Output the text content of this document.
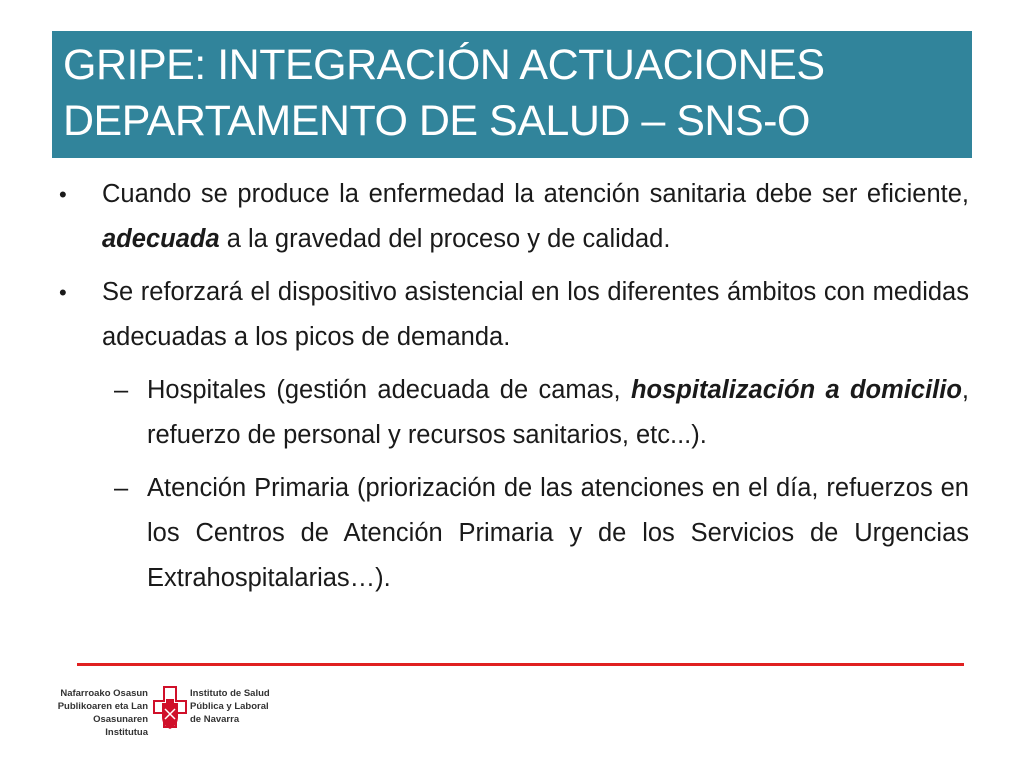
GRIPE: INTEGRACIÓN ACTUACIONES
DEPARTAMENTO DE SALUD – SNS-O
• Cuando se produce la enfermedad la atención sanitaria debe ser eficiente, adecuada a la gravedad del proceso y de calidad.
• Se reforzará el dispositivo asistencial en los diferentes ámbitos con medidas adecuadas a los picos de demanda.
– Hospitales (gestión adecuada de camas, hospitalización a domicilio, refuerzo de personal y recursos sanitarios, etc...).
– Atención Primaria (priorización de las atenciones en el día, refuerzos en los Centros de Atención Primaria y de los Servicios de Urgencias Extrahospitalarias…).
Nafarroako Osasun
Publikoaren eta Lan
Osasunaren Institutua
Instituto de Salud
Pública y Laboral
de Navarra
